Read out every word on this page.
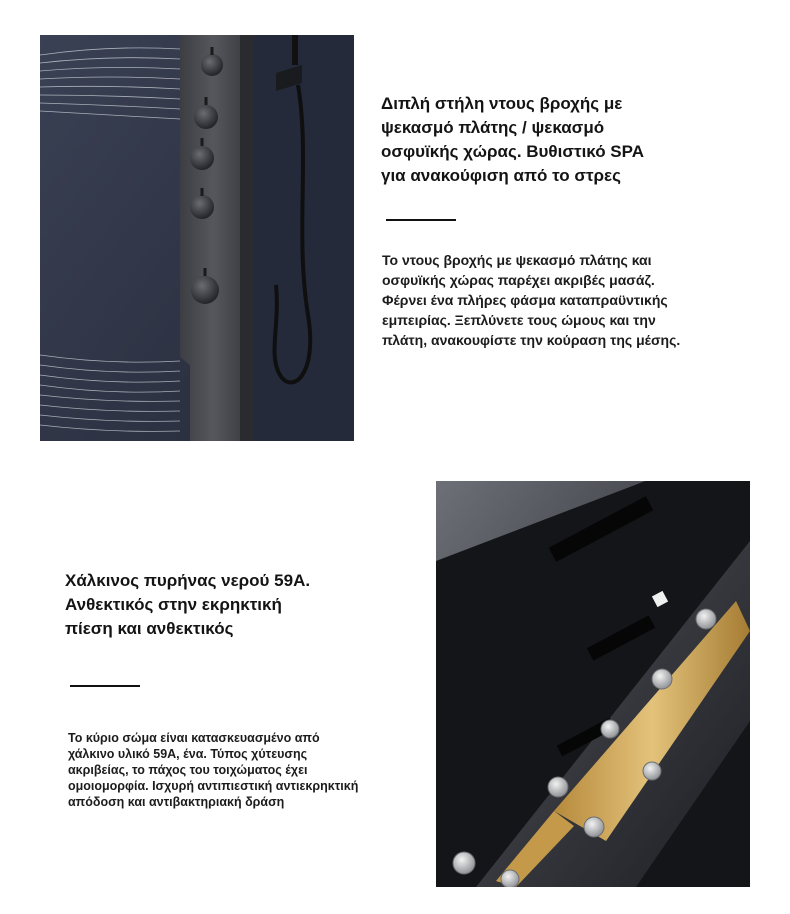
Διπλή στήλη ντους βροχής με
ψεκασμό πλάτης / ψεκασμό
οσφυϊκής χώρας. Βυθιστικό SPA
για ανακούφιση από το στρες

Το ντους βροχής με ψεκασμό πλάτης και
οσφυϊκής χώρας παρέχει ακριβές μασάζ.
Φέρνει ένα πλήρες φάσμα καταπραϋντικής
εμπειρίας. Ξεπλύνετε τους ώμους και την
πλάτη, ανακουφίστε την κούραση της μέσης.

Χάλκινος πυρήνας νερού 59Α.
Ανθεκτικός στην εκρηκτική
πίεση και ανθεκτικός

Το κύριο σώμα είναι κατασκευασμένο από
χάλκινο υλικό 59Α, ένα. Τύπος χύτευσης
ακριβείας, το πάχος του τοιχώματος έχει
ομοιομορφία. Ισχυρή αντιπιεστική αντιεκρηκτική
απόδοση και αντιβακτηριακή δράση
